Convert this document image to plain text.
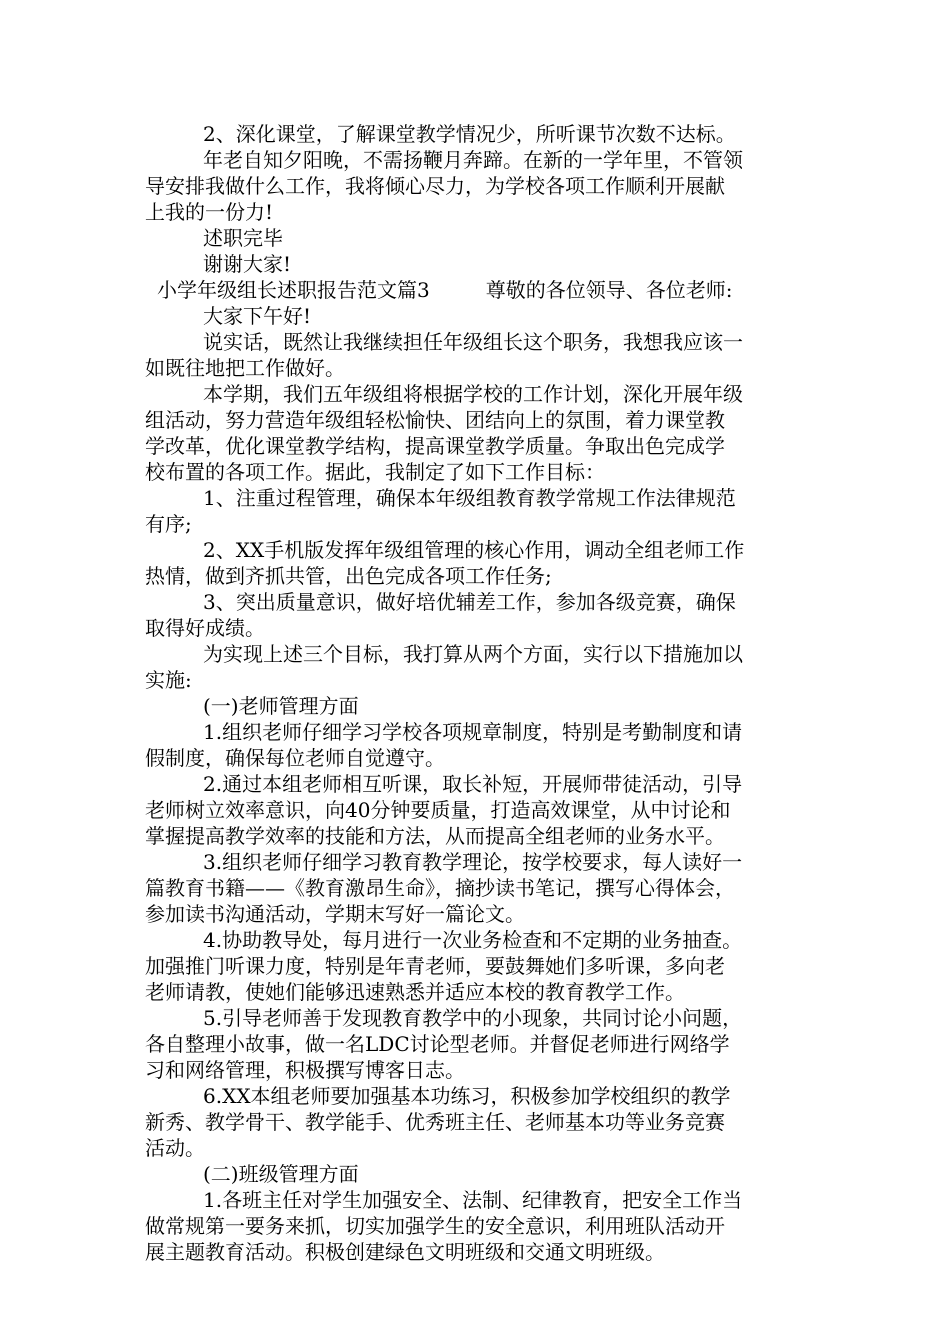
2、深化课堂，了解课堂教学情况少，所听课节次数不达标。
年老自知夕阳晚，不需扬鞭月奔蹄。在新的一学年里，不管领
导安排我做什么工作，我将倾心尽力，为学校各项工作顺利开展献
上我的一份力!
述职完毕
谢谢大家!
小学年级组长述职报告范文篇3	尊敬的各位领导、各位老师:
大家下午好!
说实话，既然让我继续担任年级组长这个职务，我想我应该一
如既往地把工作做好。
本学期，我们五年级组将根据学校的工作计划，深化开展年级
组活动，努力营造年级组轻松愉快、团结向上的氛围，着力课堂教
学改革，优化课堂教学结构，提高课堂教学质量。争取出色完成学
校布置的各项工作。据此，我制定了如下工作目标：
1、注重过程管理，确保本年级组教育教学常规工作法律规范
有序;
2、XX手机版发挥年级组管理的核心作用，调动全组老师工作
热情，做到齐抓共管，出色完成各项工作任务;
3、突出质量意识，做好培优辅差工作，参加各级竞赛，确保
取得好成绩。
为实现上述三个目标，我打算从两个方面，实行以下措施加以
实施:
(一)老师管理方面
1.组织老师仔细学习学校各项规章制度，特别是考勤制度和请
假制度，确保每位老师自觉遵守。
2.通过本组老师相互听课，取长补短，开展师带徒活动，引导
老师树立效率意识，向40分钟要质量，打造高效课堂，从中讨论和
掌握提高教学效率的技能和方法，从而提高全组老师的业务水平。
3.组织老师仔细学习教育教学理论，按学校要求，每人读好一
篇教育书籍——《教育激昂生命》，摘抄读书笔记，撰写心得体会，
参加读书沟通活动，学期末写好一篇论文。
4.协助教导处，每月进行一次业务检查和不定期的业务抽查。
加强推门听课力度，特别是年青老师，要鼓舞她们多听课，多向老
老师请教，使她们能够迅速熟悉并适应本校的教育教学工作。
5.引导老师善于发现教育教学中的小现象，共同讨论小问题，
各自整理小故事，做一名LDC讨论型老师。并督促老师进行网络学
习和网络管理，积极撰写博客日志。
6.XX本组老师要加强基本功练习，积极参加学校组织的教学
新秀、教学骨干、教学能手、优秀班主任、老师基本功等业务竞赛
活动。
(二)班级管理方面
1.各班主任对学生加强安全、法制、纪律教育，把安全工作当
做常规第一要务来抓，切实加强学生的安全意识，利用班队活动开
展主题教育活动。积极创建绿色文明班级和交通文明班级。
